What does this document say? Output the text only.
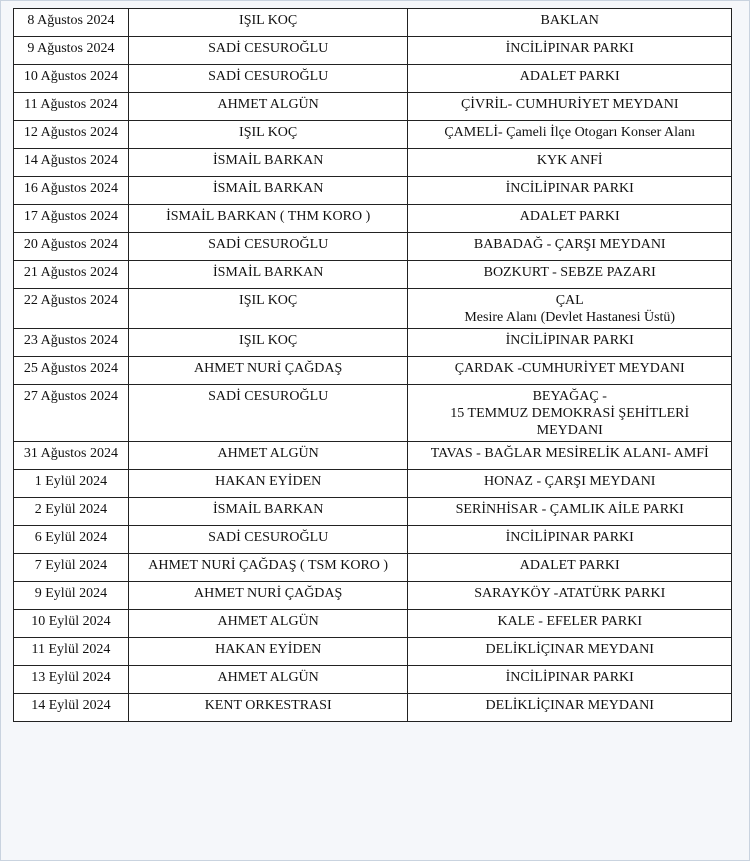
8 Ağustos 2024	IŞIL KOÇ	BAKLAN

9 Ağustos 2024	SADİ CESUROĞLU	İNCİLİPINAR PARKI

10 Ağustos 2024	SADİ CESUROĞLU	ADALET PARKI

11 Ağustos 2024	AHMET ALGÜN	ÇİVRİL- CUMHURİYET MEYDANI

12 Ağustos 2024	IŞIL KOÇ	ÇAMELİ- Çameli İlçe Otogarı Konser Alanı

14 Ağustos 2024	İSMAİL BARKAN	KYK ANFİ

16 Ağustos 2024	İSMAİL BARKAN	İNCİLİPINAR PARKI

17 Ağustos 2024	İSMAİL BARKAN ( THM KORO )	ADALET PARKI

20 Ağustos 2024	SADİ CESUROĞLU	BABADAĞ - ÇARŞI MEYDANI

21 Ağustos 2024	İSMAİL BARKAN	BOZKURT - SEBZE PAZARI

22 Ağustos 2024	IŞIL KOÇ	ÇAL
Mesire Alanı (Devlet Hastanesi Üstü)

23 Ağustos 2024	IŞIL KOÇ	İNCİLİPINAR PARKI

25 Ağustos 2024	AHMET NURİ ÇAĞDAŞ	ÇARDAK -CUMHURİYET MEYDANI

27 Ağustos 2024	SADİ CESUROĞLU	BEYAĞAÇ -
15 TEMMUZ DEMOKRASİ ŞEHİTLERİ
MEYDANI

31 Ağustos 2024	AHMET ALGÜN	TAVAS - BAĞLAR MESİRELİK ALANI- AMFİ

1 Eylül 2024	HAKAN EYİDEN	HONAZ - ÇARŞI MEYDANI

2 Eylül 2024	İSMAİL BARKAN	SERİNHİSAR - ÇAMLIK AİLE PARKI

6 Eylül 2024	SADİ CESUROĞLU	İNCİLİPINAR PARKI

7 Eylül 2024	AHMET NURİ ÇAĞDAŞ ( TSM KORO )	ADALET PARKI

9 Eylül 2024	AHMET NURİ ÇAĞDAŞ	SARAYKÖY -ATATÜRK PARKI

10 Eylül 2024	AHMET ALGÜN	KALE - EFELER PARKI

11 Eylül 2024	HAKAN EYİDEN	DELİKLİÇINAR MEYDANI

13 Eylül 2024	AHMET ALGÜN	İNCİLİPINAR PARKI

14 Eylül 2024	KENT ORKESTRASI	DELİKLİÇINAR MEYDANI
